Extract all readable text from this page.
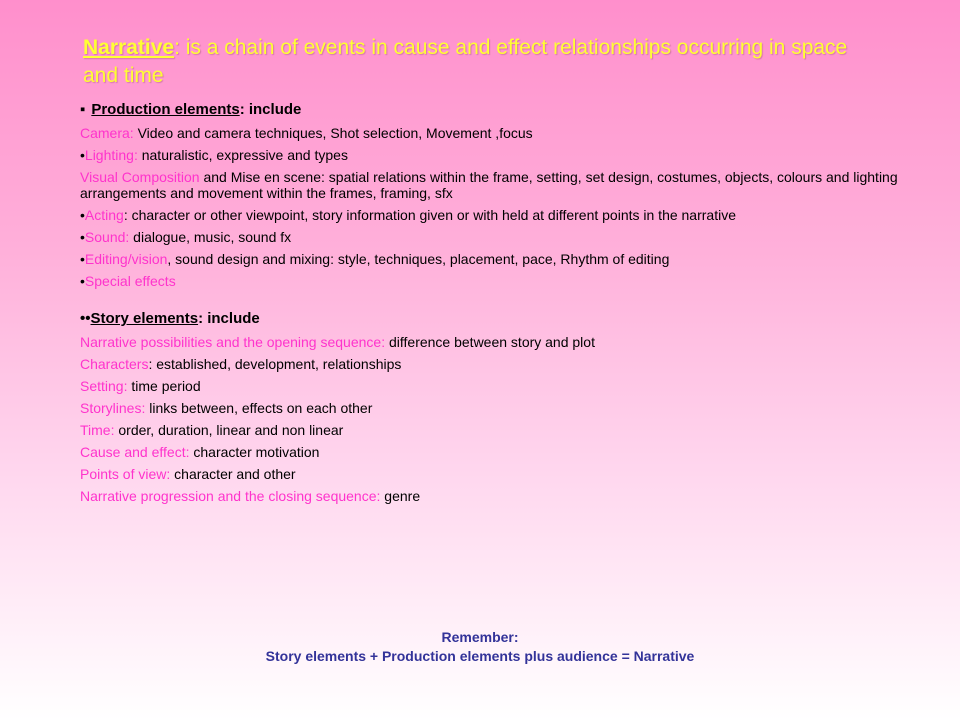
Narrative: is a chain of events in cause and effect relationships occurring in space and time
▪ Production elements: include
Camera: Video and camera techniques, Shot selection, Movement ,focus
•Lighting: naturalistic, expressive and types
Visual Composition and Mise en scene: spatial relations within the frame, setting, set design, costumes, objects, colours and lighting arrangements and movement within the frames, framing, sfx
•Acting: character or other viewpoint, story information given or with held at different points in the narrative
•Sound: dialogue, music, sound fx
•Editing/vision, sound design and mixing: style, techniques, placement, pace, Rhythm of editing
•Special effects
••Story elements: include
Narrative possibilities and the opening sequence: difference between story and plot
Characters: established, development, relationships
Setting: time period
Storylines: links between, effects on each other
Time: order, duration, linear and non linear
Cause and effect: character motivation
Points of view: character and other
Narrative progression and the closing sequence: genre
Remember:
Story elements + Production elements plus audience = Narrative
